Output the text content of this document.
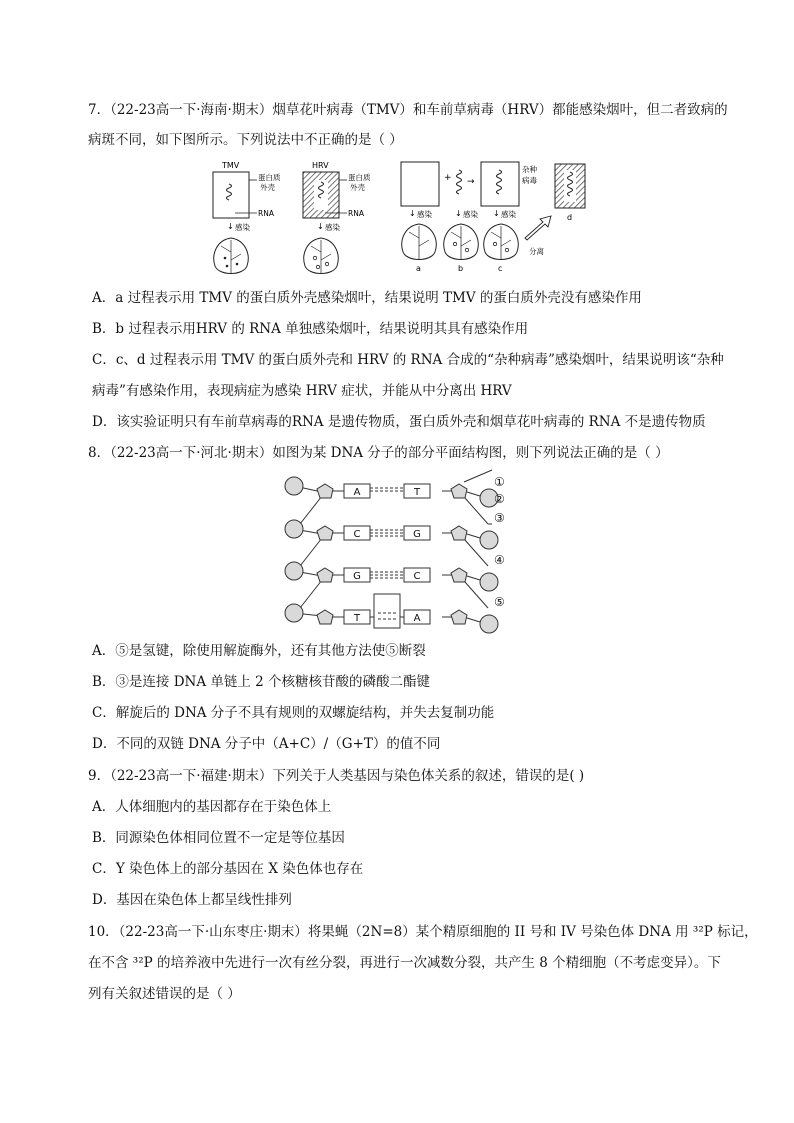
7．（22-23高一下·海南·期末）烟草花叶病毒（TMV）和车前草病毒（HRV）都能感染烟叶，但二者致病的
病斑不同，如下图所示。下列说法中不正确的是（ ）
TMV
蛋白质
外壳
RNA
↓ 感染
HRV
蛋白质
外壳
RNA
↓ 感染
↓ 感染
a
+ →
↓ 感染
b
杂种
病毒
↓ 感染
c
分离
d
A．a 过程表示用 TMV 的蛋白质外壳感染烟叶，结果说明 TMV 的蛋白质外壳没有感染作用
B．b 过程表示用HRV 的 RNA 单独感染烟叶，结果说明其具有感染作用
C．c、d 过程表示用 TMV 的蛋白质外壳和 HRV 的 RNA 合成的“杂种病毒”感染烟叶，结果说明该“杂种
病毒”有感染作用，表现病症为感染 HRV 症状，并能从中分离出 HRV
D．该实验证明只有车前草病毒的RNA 是遗传物质，蛋白质外壳和烟草花叶病毒的 RNA 不是遗传物质
8．（22-23高一下·河北·期末）如图为某 DNA 分子的部分平面结构图，则下列说法正确的是（ ）
A	T
C	G
G	C
T	A
①
②
③
④
⑤
A．⑤是氢键，除使用解旋酶外，还有其他方法使⑤断裂
B．③是连接 DNA 单链上 2 个核糖核苷酸的磷酸二酯键
C．解旋后的 DNA 分子不具有规则的双螺旋结构，并失去复制功能
D．不同的双链 DNA 分子中（A+C）/（G+T）的值不同
9．（22-23高一下·福建·期末）下列关于人类基因与染色体关系的叙述，错误的是( )
A．人体细胞内的基因都存在于染色体上
B．同源染色体相同位置不一定是等位基因
C．Y 染色体上的部分基因在 X 染色体也存在
D．基因在染色体上都呈线性排列
10．（22-23高一下·山东枣庄·期末）将果蝇（2N=8）某个精原细胞的 II 号和 IV 号染色体 DNA 用 ³²P 标记，
在不含 ³²P 的培养液中先进行一次有丝分裂，再进行一次减数分裂，共产生 8 个精细胞（不考虑变异）。下
列有关叙述错误的是（ ）
